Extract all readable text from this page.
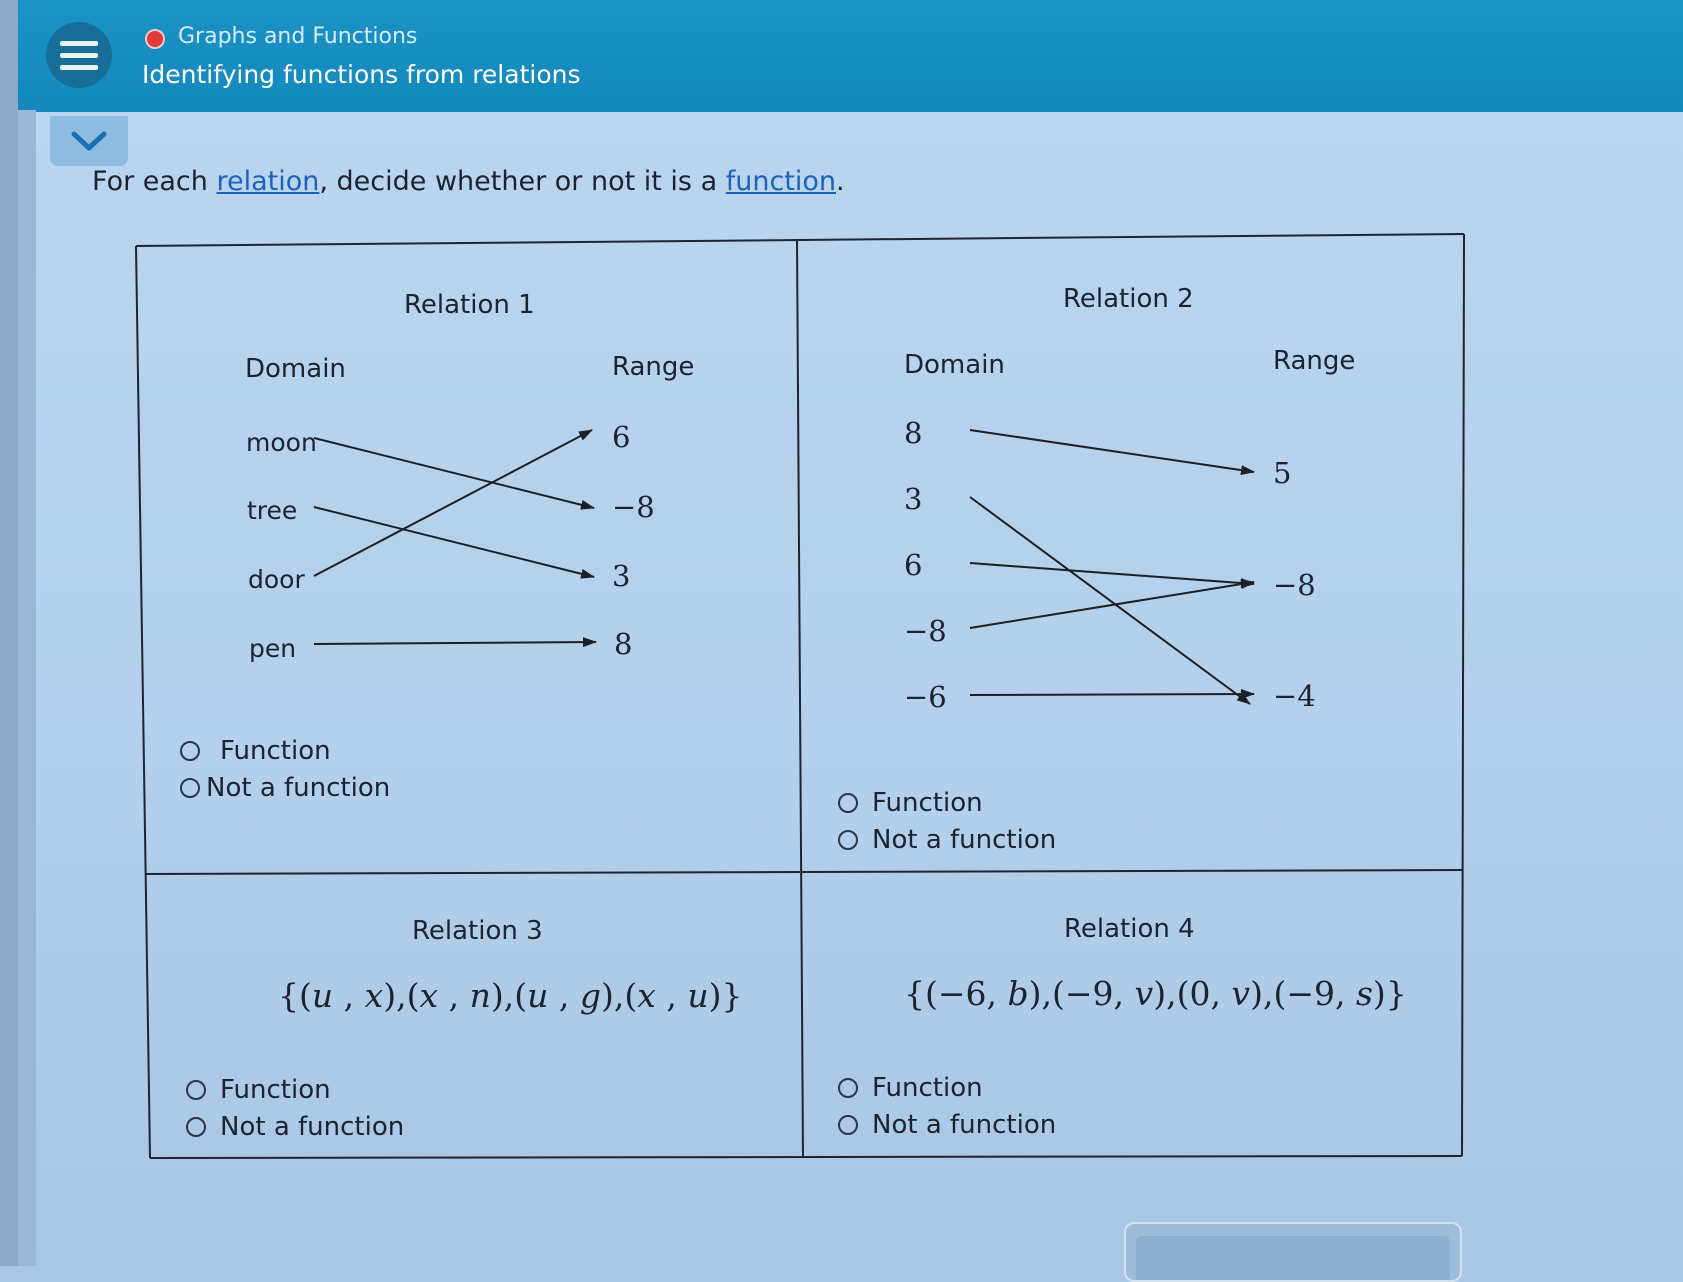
Graphs and Functions
Identifying functions from relations
For each relation, decide whether or not it is a function.
Relation 1
Domain	Range
moon
tree
door
pen
6
−8
3
8
Function
Not a function
Relation 2
Domain	Range
8
3
6
−8
−6
5
−8
−4
Function
Not a function
Relation 3
{(u , x),(x , n),(u , g),(x , u)}
Function
Not a function
Relation 4
{(−6, b),(−9, v),(0, v),(−9, s)}
Function
Not a function
